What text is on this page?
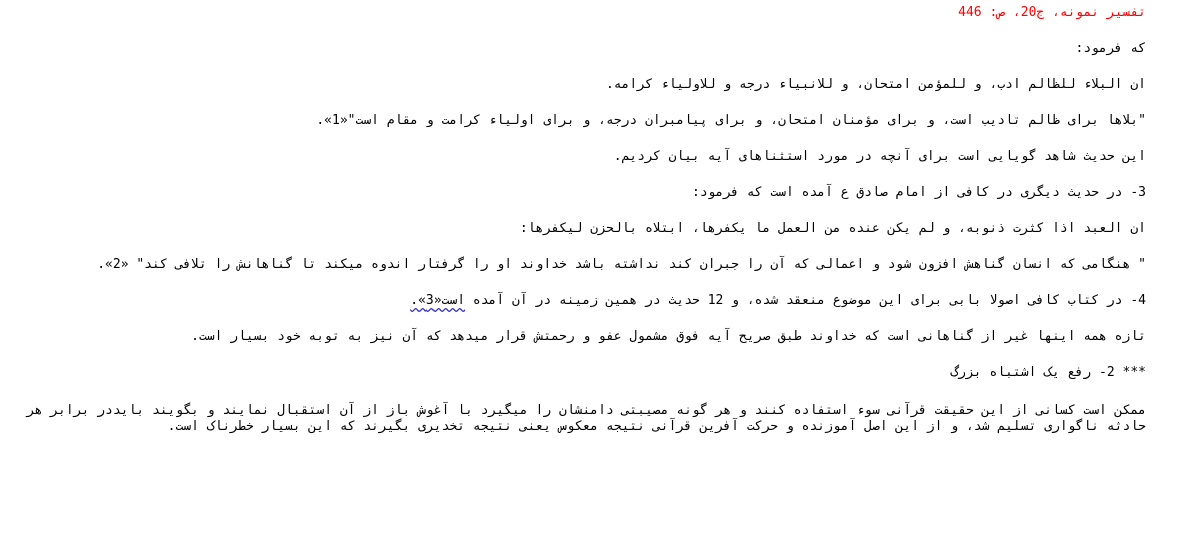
تفسير نمونه، ج20، ص: 446

كه فرمود:

ان البلاء للظالم ادب، و للمؤمن امتحان، و للانبياء درجه و للاولياء كرامه.

"بلاها براى ظالم تاديب است، و براى مؤمنان امتحان، و براى پيامبران درجه، و براى اولياء كرامت و مقام است"«1».

اين حديث شاهد گويايى است براى آنچه در مورد استثناهاى آيه بيان كرديم.

3- در حديث ديگرى در كافى از امام صادق ع آمده است كه فرمود:

ان العبد اذا كثرت ذنوبه، و لم يكن عنده من العمل ما يكفرها، ابتلاه بالحزن ليكفرها:

" هنگامى كه انسان گناهش افزون شود و اعمالى كه آن را جبران كند نداشته باشد خداوند او را گرفتار اندوه ميكند تا گناهانش را تلافى كند" «2».

4- در كتاب كافى اصولا بابى براى اين موضوع منعقد شده، و 12 حديث در همين زمينه در آن آمده است«3».

تازه همه اينها غير از گناهانى است كه خداوند طبق صريح آيه فوق مشمول عفو و رحمتش قرار ميدهد كه آن نيز به توبه خود بسيار است.

*** 2- رفع يک اشتباه بزرگ

ممكن است كسانى از اين حقيقت قرآنى سوء استفاده كنند و هر گونه مصيبتى دامنشان را ميگيرد با آغوش باز از آن استقبال نمايند و بگويند بايددر برابر هر حادثه ناگوارى تسليم شد، و از اين اصل آموزنده و حركت آفرين قرآنى نتيجه معكوس يعنى نتيجه تخديرى بگيرند كه اين بسيار خطرناک است.
